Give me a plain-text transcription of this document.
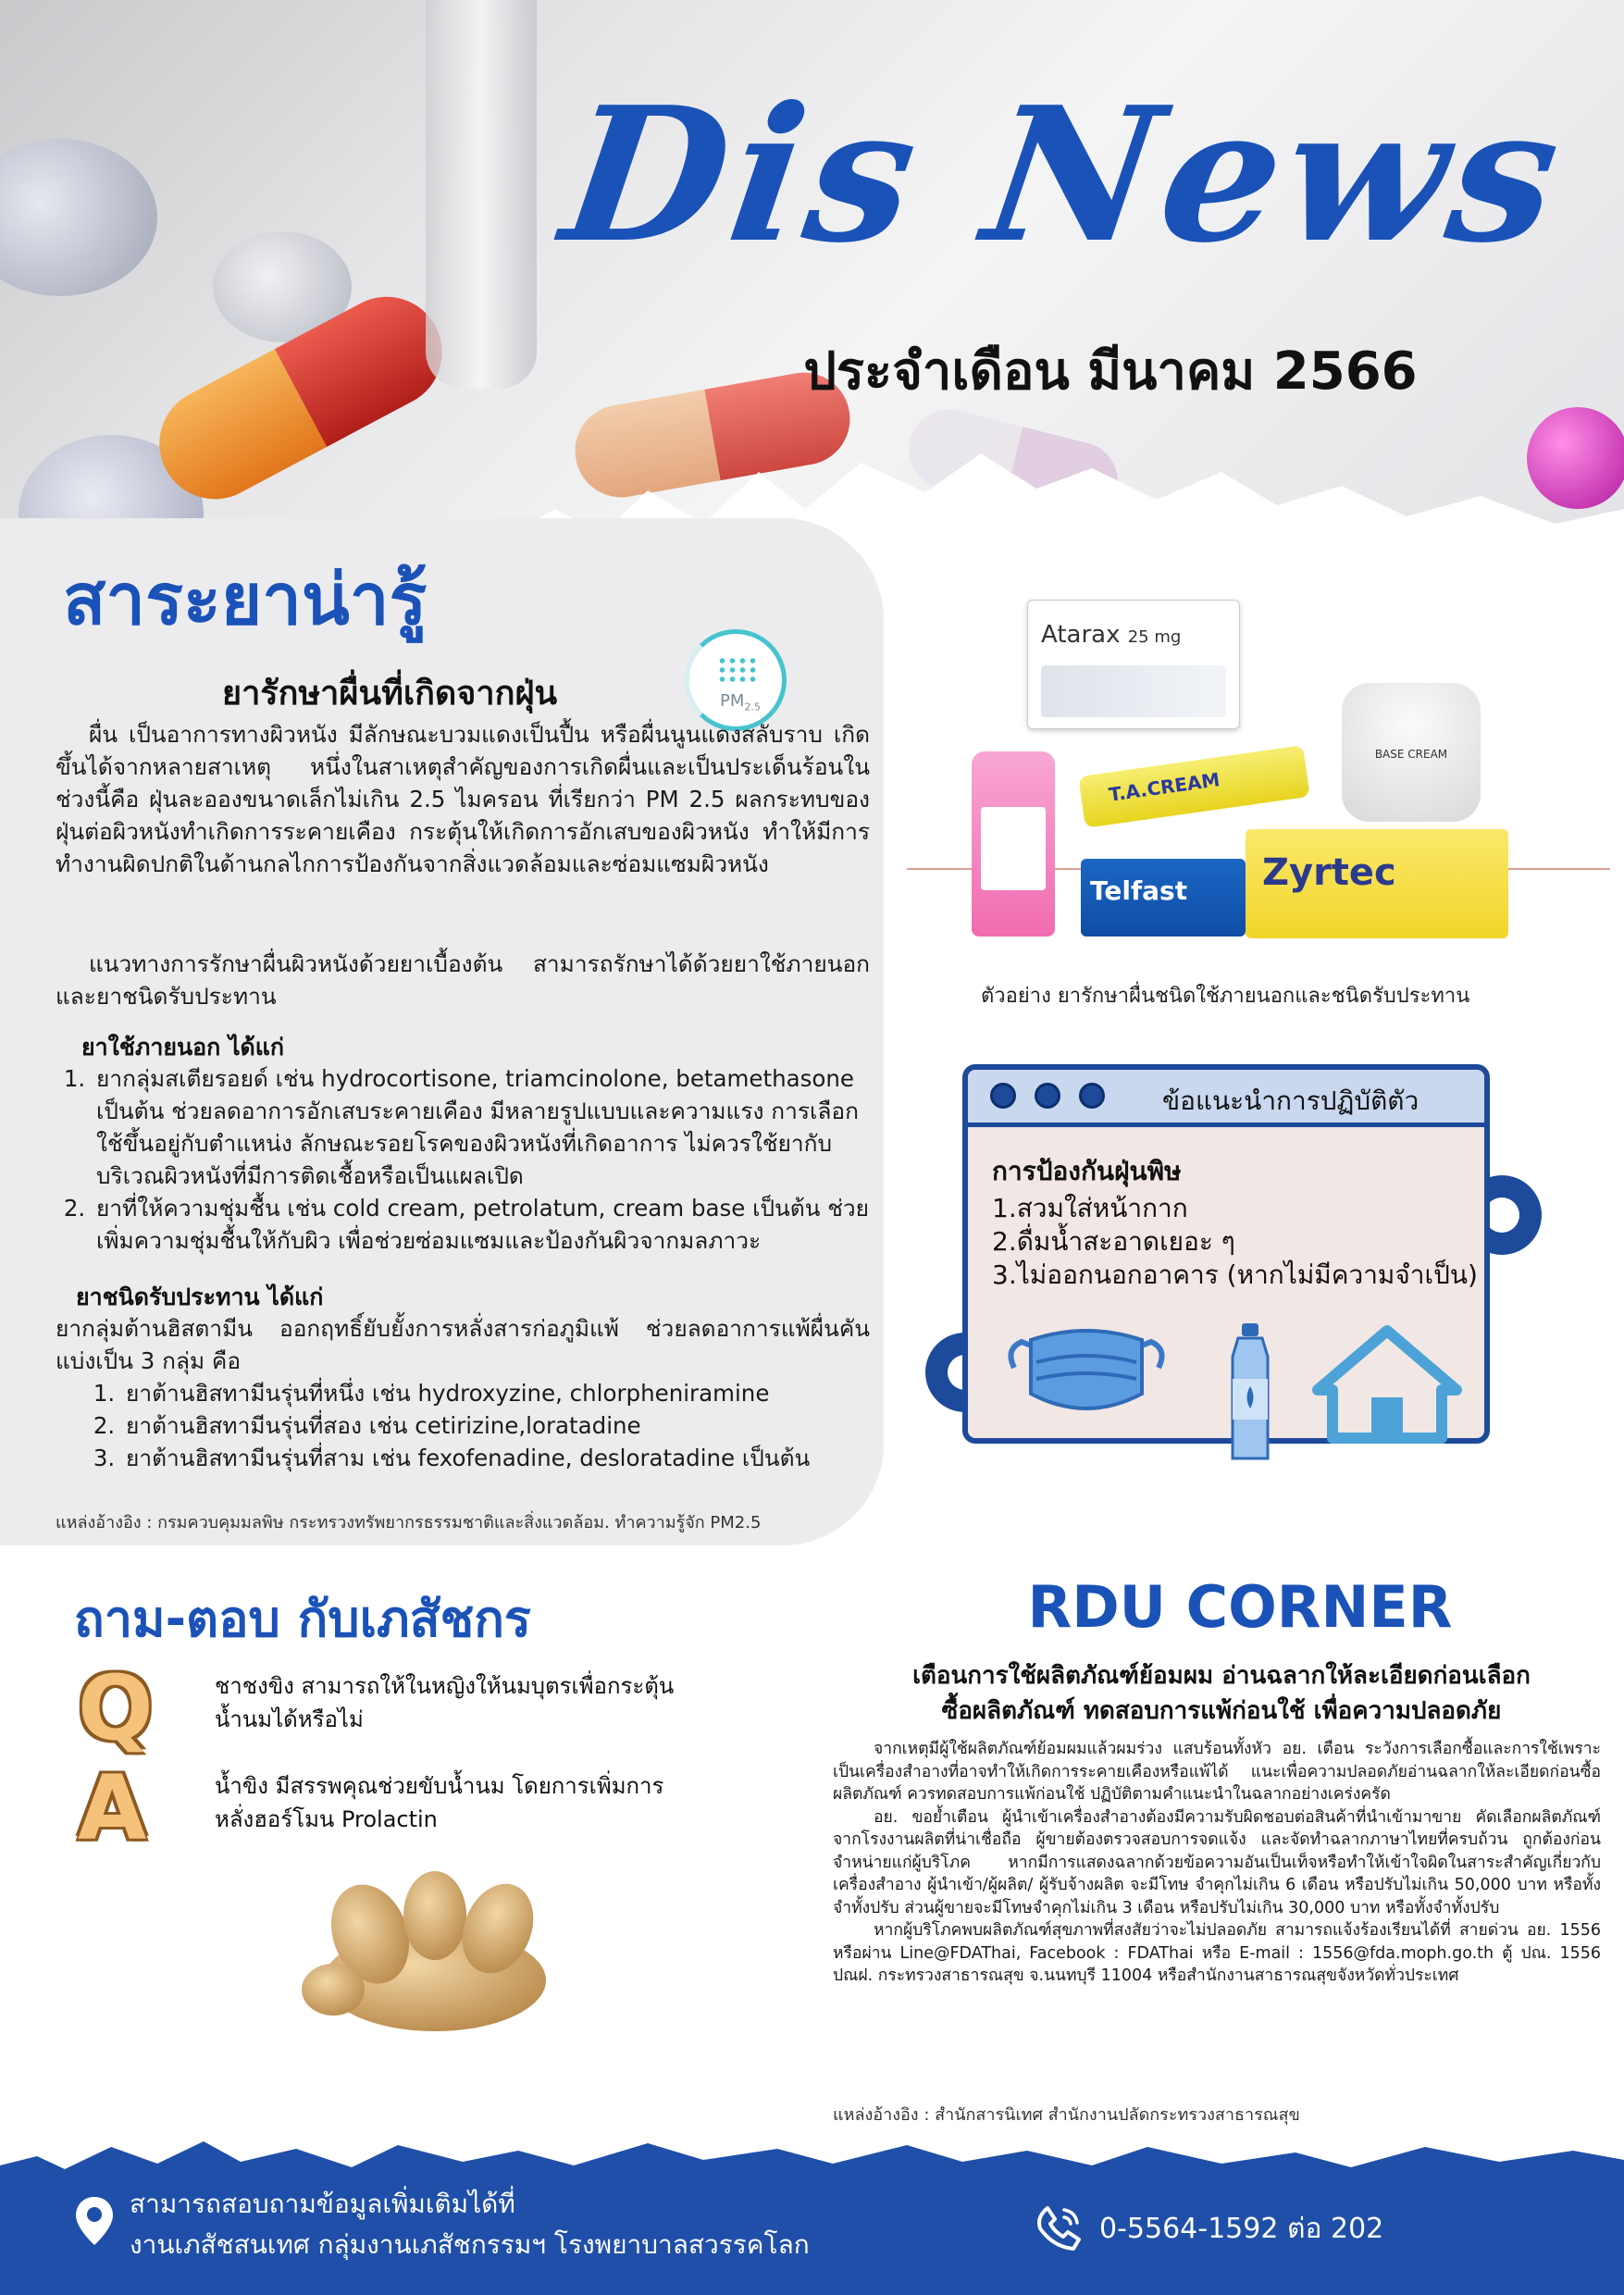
Dis News
ประจำเดือน มีนาคม 2566
สาระยาน่ารู้
ยารักษาผื่นที่เกิดจากฝุ่น	$PM_{2.5}$
ผื่น เป็นอาการทางผิวหนัง มีลักษณะบวมแดงเป็นปื้น หรือผื่นนูนแดงสลับราบ เกิดขึ้นได้จากหลายสาเหตุ หนึ่งในสาเหตุสำคัญของการเกิดผื่นและเป็นประเด็นร้อนในช่วงนี้คือ ฝุ่นละอองขนาดเล็กไม่เกิน 2.5 ไมครอน ที่เรียกว่า PM 2.5 ผลกระทบของฝุ่นต่อผิวหนังทำเกิดการระคายเคือง กระตุ้นให้เกิดการอักเสบของผิวหนัง ทำให้มีการทำงานผิดปกติในด้านกลไกการป้องกันจากสิ่งแวดล้อมและซ่อมแซมผิวหนัง
แนวทางการรักษาผื่นผิวหนังด้วยยาเบื้องต้น สามารถรักษาได้ด้วยยาใช้ภายนอกและยาชนิดรับประทาน
ยาใช้ภายนอก ได้แก่
1. ยากลุ่มสเตียรอยด์ เช่น hydrocortisone, triamcinolone, betamethasone เป็นต้น ช่วยลดอาการอักเสบระคายเคือง มีหลายรูปแบบและความแรง การเลือกใช้ขึ้นอยู่กับตำแหน่ง ลักษณะรอยโรคของผิวหนังที่เกิดอาการ ไม่ควรใช้ยากับบริเวณผิวหนังที่มีการติดเชื้อหรือเป็นแผลเปิด
2. ยาที่ให้ความชุ่มชื้น เช่น cold cream, petrolatum, cream base เป็นต้น ช่วยเพิ่มความชุ่มชื้นให้กับผิว เพื่อช่วยซ่อมแซมและป้องกันผิวจากมลภาวะ
ยาชนิดรับประทาน ได้แก่
ยากลุ่มต้านฮิสตามีน ออกฤทธิ์ยับยั้งการหลั่งสารก่อภูมิแพ้ ช่วยลดอาการแพ้ผื่นคัน แบ่งเป็น 3 กลุ่ม คือ
1. ยาต้านฮิสทามีนรุ่นที่หนึ่ง เช่น hydroxyzine, chlorpheniramine
2. ยาต้านฮิสทามีนรุ่นที่สอง เช่น cetirizine,loratadine
3. ยาต้านฮิสทามีนรุ่นที่สาม เช่น fexofenadine, desloratadine เป็นต้น
แหล่งอ้างอิง : กรมควบคุมมลพิษ กระทรวงทรัพยากรธรรมชาติและสิ่งแวดล้อม. ทำความรู้จัก PM2.5
Atarax 25 mg
BASE CREAM
T.A.CREAM
Telfast Zyrtec
ตัวอย่าง ยารักษาผื่นชนิดใช้ภายนอกและชนิดรับประทาน
ข้อแนะนำการปฏิบัติตัว
การป้องกันฝุ่นพิษ
1.สวมใส่หน้ากาก
2.ดื่มน้ำสะอาดเยอะ ๆ
3.ไม่ออกนอกอาคาร (หากไม่มีความจำเป็น)
ถาม-ตอบ กับเภสัชกร
Q
A
ชาชงขิง สามารถให้ในหญิงให้นมบุตรเพื่อกระตุ้นน้ำนมได้หรือไม่
น้ำขิง มีสรรพคุณช่วยขับน้ำนม โดยการเพิ่มการหลั่งฮอร์โมน Prolactin
RDU CORNER
เตือนการใช้ผลิตภัณฑ์ย้อมผม อ่านฉลากให้ละเอียดก่อนเลือก
ซื้อผลิตภัณฑ์ ทดสอบการแพ้ก่อนใช้ เพื่อความปลอดภัย

จากเหตุมีผู้ใช้ผลิตภัณฑ์ย้อมผมแล้วผมร่วง แสบร้อนทั้งหัว อย. เตือน ระวังการเลือกซื้อและการใช้เพราะเป็นเครื่องสำอางที่อาจทำให้เกิดการระคายเคืองหรือแพ้ได้ แนะเพื่อความปลอดภัยอ่านฉลากให้ละเอียดก่อนซื้อผลิตภัณฑ์ ควรทดสอบการแพ้ก่อนใช้ ปฏิบัติตามคำแนะนำในฉลากอย่างเคร่งครัด

อย. ขอย้ำเตือน ผู้นำเข้าเครื่องสำอางต้องมีความรับผิดชอบต่อสินค้าที่นำเข้ามาขาย คัดเลือกผลิตภัณฑ์จากโรงงานผลิตที่น่าเชื่อถือ ผู้ขายต้องตรวจสอบการจดแจ้ง และจัดทำฉลากภาษาไทยที่ครบถ้วน ถูกต้องก่อนจำหน่ายแก่ผู้บริโภค หากมีการแสดงฉลากด้วยข้อความอันเป็นเท็จหรือทำให้เข้าใจผิดในสาระสำคัญเกี่ยวกับเครื่องสำอาง ผู้นำเข้า/ผู้ผลิต/ ผู้รับจ้างผลิต จะมีโทษ จำคุกไม่เกิน 6 เดือน หรือปรับไม่เกิน 50,000 บาท หรือทั้งจำทั้งปรับ ส่วนผู้ขายจะมีโทษจำคุกไม่เกิน 3 เดือน หรือปรับไม่เกิน 30,000 บาท หรือทั้งจำทั้งปรับ

หากผู้บริโภคพบผลิตภัณฑ์สุขภาพที่สงสัยว่าจะไม่ปลอดภัย สามารถแจ้งร้องเรียนได้ที่ สายด่วน อย. 1556 หรือผ่าน Line@FDAThai, Facebook : FDAThai หรือ E-mail : 1556@fda.moph.go.th ตู้ ปณ. 1556 ปณฝ. กระทรวงสาธารณสุข จ.นนทบุรี 11004 หรือสำนักงานสาธารณสุขจังหวัดทั่วประเทศ

แหล่งอ้างอิง : สำนักสารนิเทศ สำนักงานปลัดกระทรวงสาธารณสุข
สามารถสอบถามข้อมูลเพิ่มเติมได้ที่
งานเภสัชสนเทศ กลุ่มงานเภสัชกรรมฯ โรงพยาบาลสวรรคโลก	0-5564-1592 ต่อ 202
